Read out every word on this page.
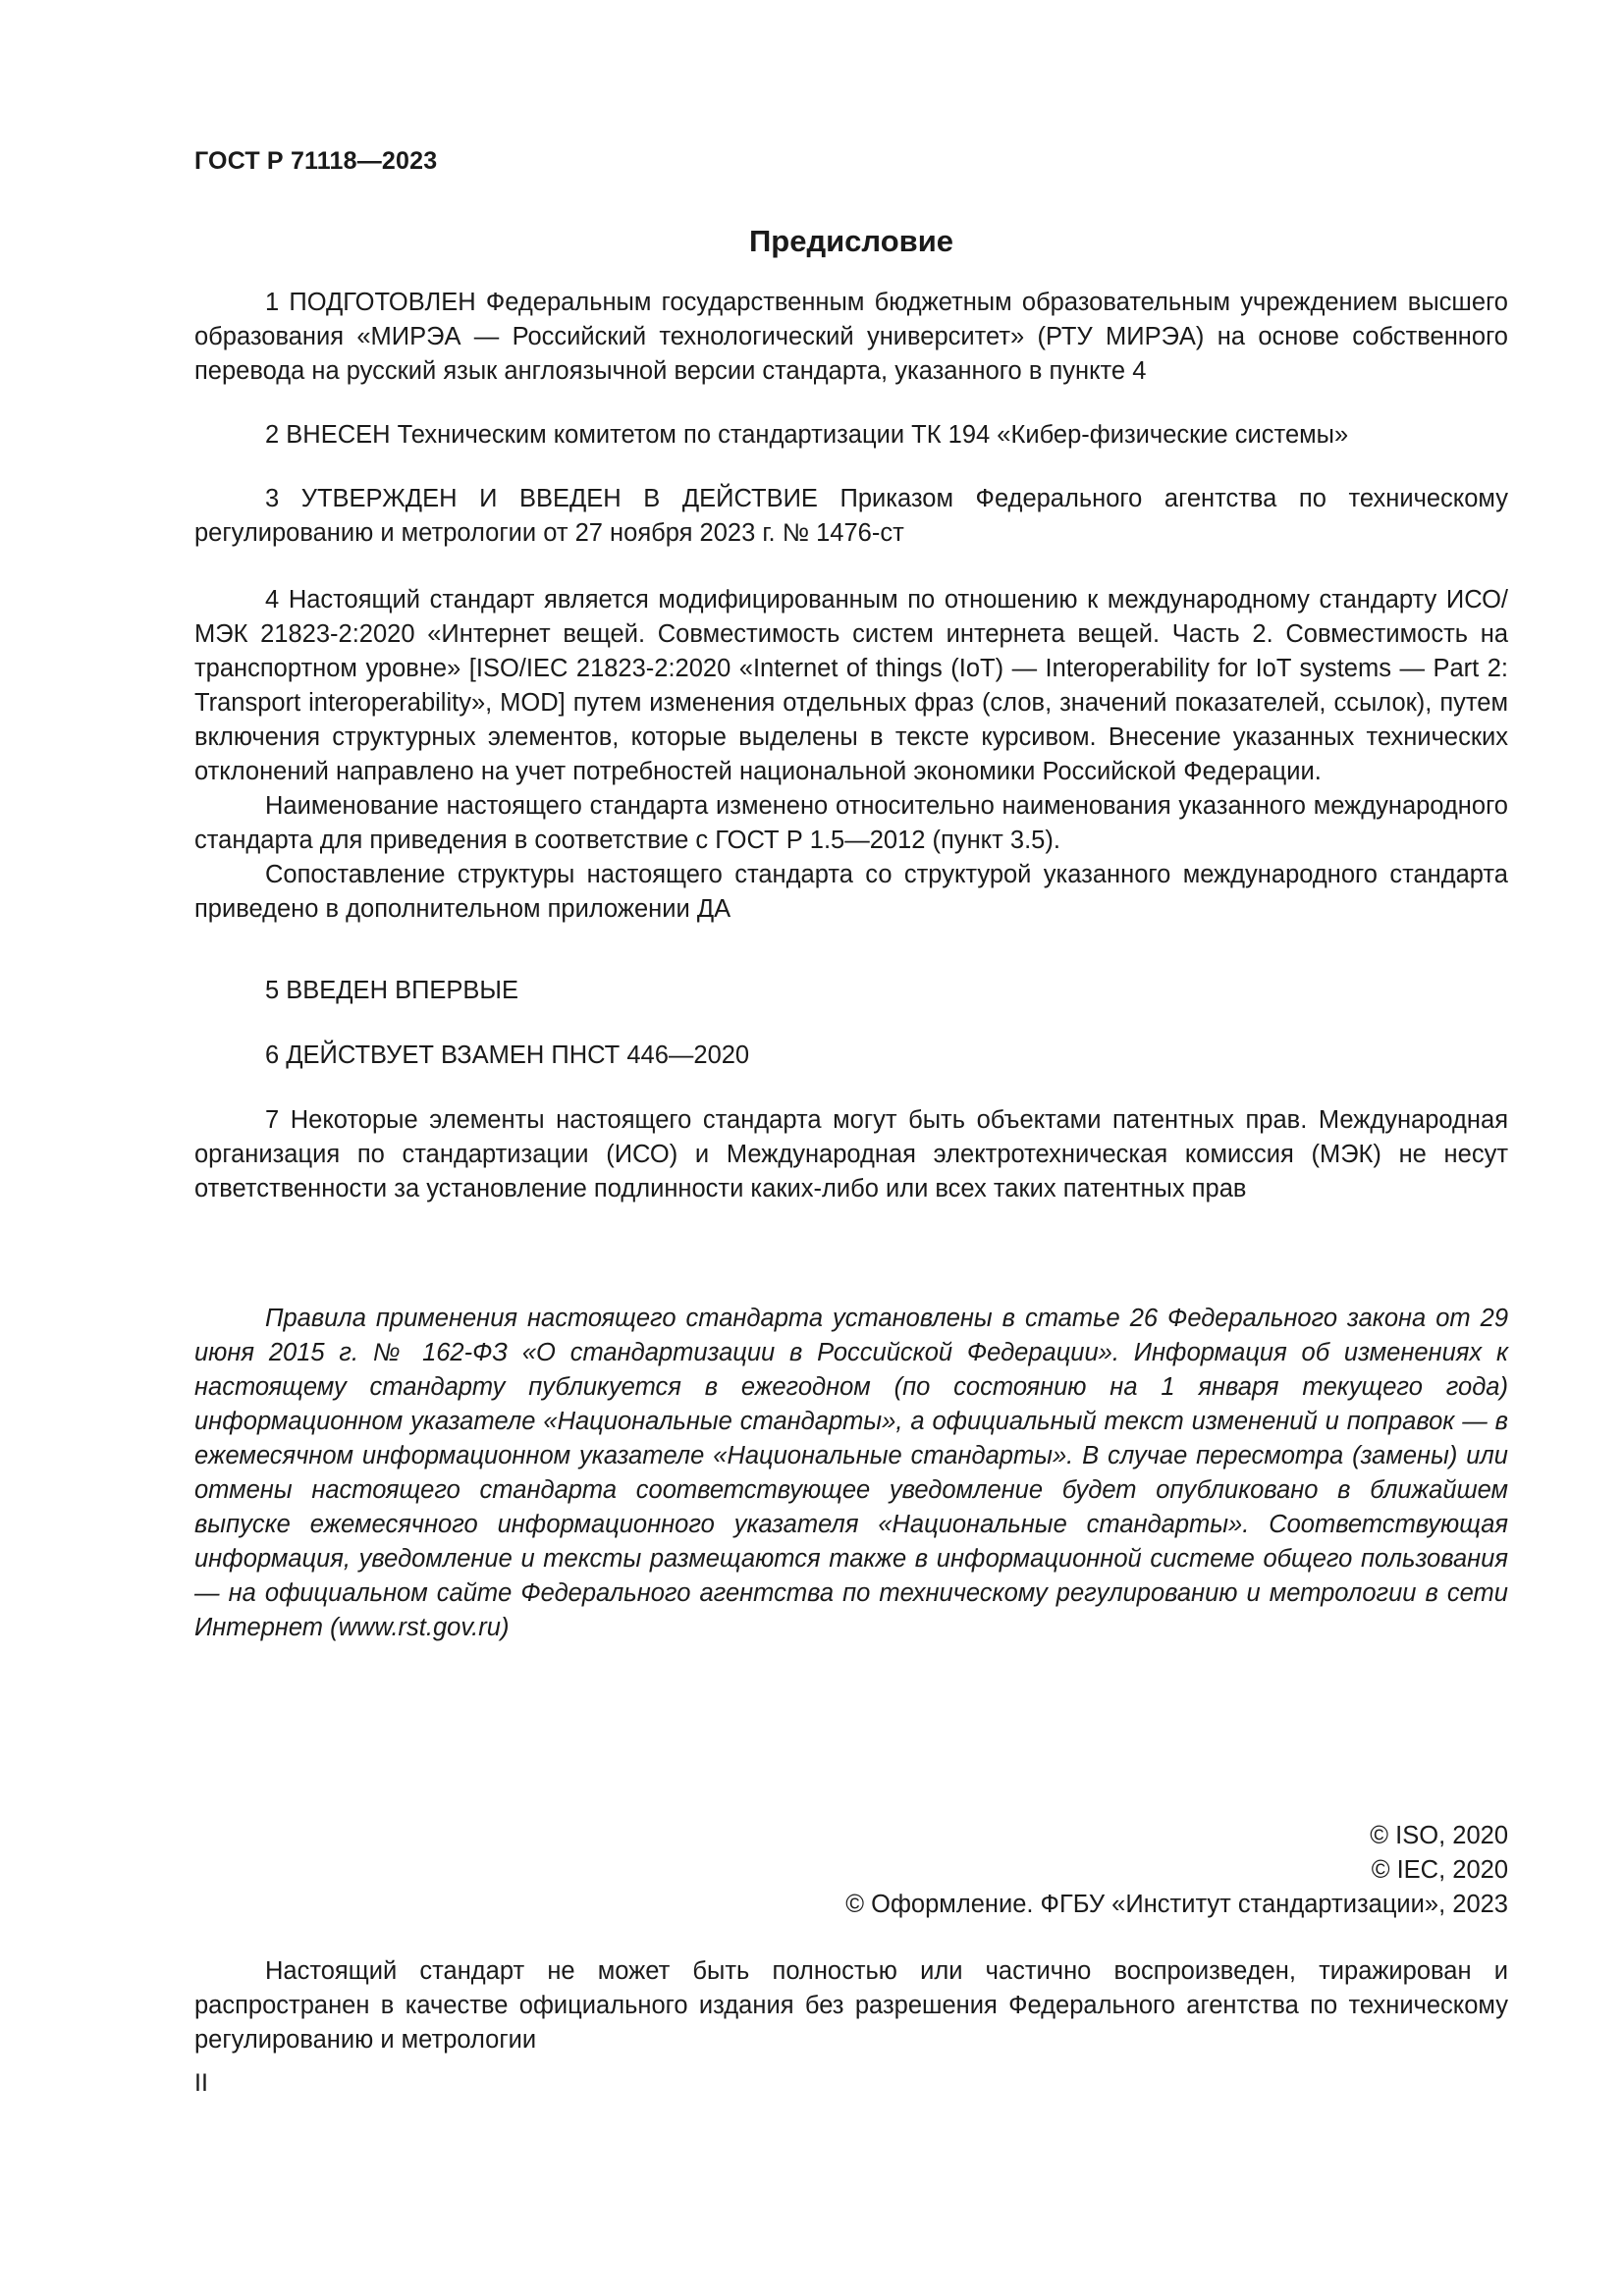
ГОСТ Р 71118—2023
Предисловие

1 ПОДГОТОВЛЕН Федеральным государственным бюджетным образовательным учреждением высшего образования «МИРЭА — Российский технологический университет» (РТУ МИРЭА) на основе собственного перевода на русский язык англоязычной версии стандарта, указанного в пункте 4

2 ВНЕСЕН Техническим комитетом по стандартизации ТК 194 «Кибер-физические системы»

3 УТВЕРЖДЕН И ВВЕДЕН В ДЕЙСТВИЕ Приказом Федерального агентства по техническому регулированию и метрологии от 27 ноября 2023 г. № 1476-ст

4 Настоящий стандарт является модифицированным по отношению к международному стандарту ИСО/МЭК 21823-2:2020 «Интернет вещей. Совместимость систем интернета вещей. Часть 2. Совместимость на транспортном уровне» [ISO/IEC 21823-2:2020 «Internet of things (IoT) — Interoperability for IoT systems — Part 2: Transport interoperability», MOD] путем изменения отдельных фраз (слов, значений показателей, ссылок), путем включения структурных элементов, которые выделены в тексте курсивом. Внесение указанных технических отклонений направлено на учет потребностей национальной экономики Российской Федерации.

Наименование настоящего стандарта изменено относительно наименования указанного международного стандарта для приведения в соответствие с ГОСТ Р 1.5—2012 (пункт 3.5).

Сопоставление структуры настоящего стандарта со структурой указанного международного стандарта приведено в дополнительном приложении ДА

5 ВВЕДЕН ВПЕРВЫЕ

6 ДЕЙСТВУЕТ ВЗАМЕН ПНСТ 446—2020

7 Некоторые элементы настоящего стандарта могут быть объектами патентных прав. Международная организация по стандартизации (ИСО) и Международная электротехническая комиссия (МЭК) не несут ответственности за установление подлинности каких-либо или всех таких патентных прав

Правила применения настоящего стандарта установлены в статье 26 Федерального закона от 29 июня 2015 г. № 162-ФЗ «О стандартизации в Российской Федерации». Информация об изменениях к настоящему стандарту публикуется в ежегодном (по состоянию на 1 января текущего года) информационном указателе «Национальные стандарты», а официальный текст изменений и поправок — в ежемесячном информационном указателе «Национальные стандарты». В случае пересмотра (замены) или отмены настоящего стандарта соответствующее уведомление будет опубликовано в ближайшем выпуске ежемесячного информационного указателя «Национальные стандарты». Соответствующая информация, уведомление и тексты размещаются также в информационной системе общего пользования — на официальном сайте Федерального агентства по техническому регулированию и метрологии в сети Интернет (www.rst.gov.ru)
© ISO, 2020
© IEC, 2020
© Оформление. ФГБУ «Институт стандартизации», 2023

Настоящий стандарт не может быть полностью или частично воспроизведен, тиражирован и распространен в качестве официального издания без разрешения Федерального агентства по техническому регулированию и метрологии

II
